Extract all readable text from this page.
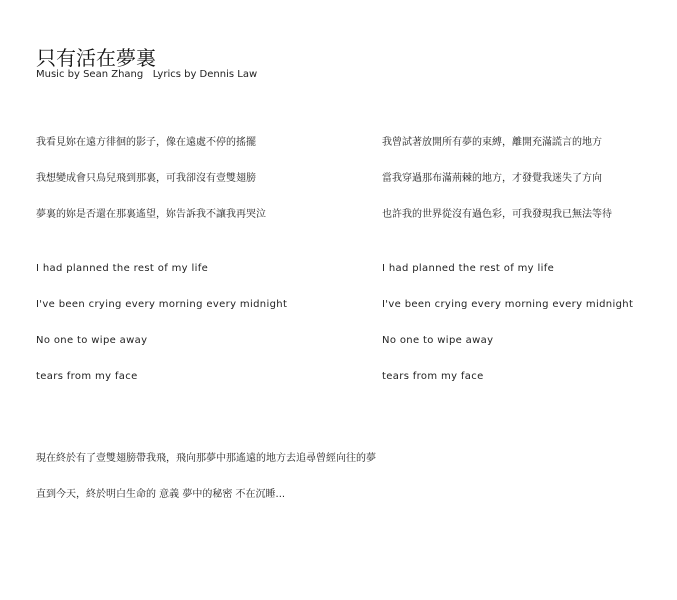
只有活在夢裏
Music by Sean Zhang   Lyrics by Dennis Law
我看見妳在遠方徘徊的影子，像在遠處不停的搖擺
我想變成會只鳥兒飛到那裏，可我卻沒有壹雙翅膀
夢裏的妳是否還在那裏遙望，妳告訴我不讓我再哭泣
I had planned the rest of my life
I've been crying every morning every midnight
No one to wipe away
tears from my face
我曾試著放開所有夢的束縛，離開充滿謊言的地方
當我穿過那布滿荊棘的地方，才發覺我迷失了方向
也許我的世界從沒有過色彩，可我發現我已無法等待
I had planned the rest of my life
I've been crying every morning every midnight
No one to wipe away
tears from my face
現在終於有了壹雙翅膀帶我飛，飛向那夢中那遙遠的地方去追尋曾經向往的夢
直到今天，終於明白生命的 意義 夢中的秘密 不在沉睡...
